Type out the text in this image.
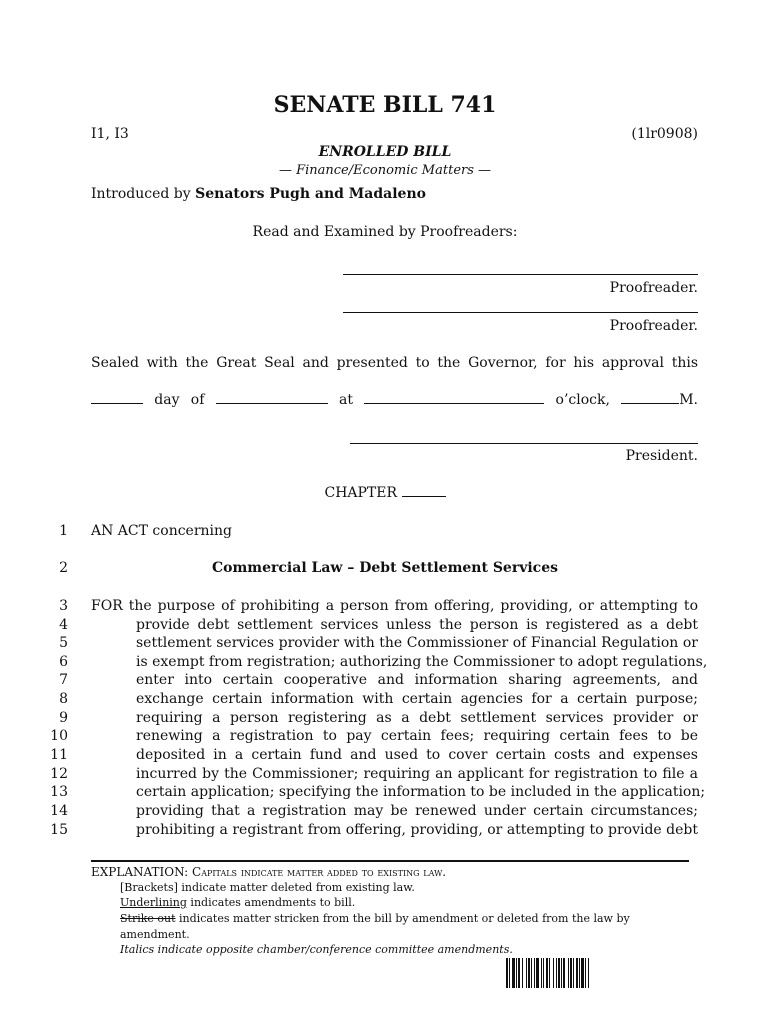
SENATE BILL 741
I1, I3	(1lr0908)
ENROLLED BILL
— Finance/Economic Matters —
Introduced by Senators Pugh and Madaleno
Read and Examined by Proofreaders:
Proofreader.
Proofreader.
Sealed with the Great Seal and presented to the Governor, for his approval this
day of	at	o’clock,	M.
President.
CHAPTER
1 AN ACT concerning
2	Commercial Law – Debt Settlement Services
3 FOR the purpose of prohibiting a person from offering, providing, or attempting to
4	provide debt settlement services unless the person is registered as a debt
5	settlement services provider with the Commissioner of Financial Regulation or
6	is exempt from registration; authorizing the Commissioner to adopt regulations,
7	enter into certain cooperative and information sharing agreements, and
8	exchange certain information with certain agencies for a certain purpose;
9	requiring a person registering as a debt settlement services provider or
10	renewing a registration to pay certain fees; requiring certain fees to be
11	deposited in a certain fund and used to cover certain costs and expenses
12	incurred by the Commissioner; requiring an applicant for registration to file a
13	certain application; specifying the information to be included in the application;
14	providing that a registration may be renewed under certain circumstances;
15	prohibiting a registrant from offering, providing, or attempting to provide debt
EXPLANATION: Capitals indicate matter added to existing law.
[Brackets] indicate matter deleted from existing law.
Underlining indicates amendments to bill.
Strike out indicates matter stricken from the bill by amendment or deleted from the law by
amendment.
Italics indicate opposite chamber/conference committee amendments.
